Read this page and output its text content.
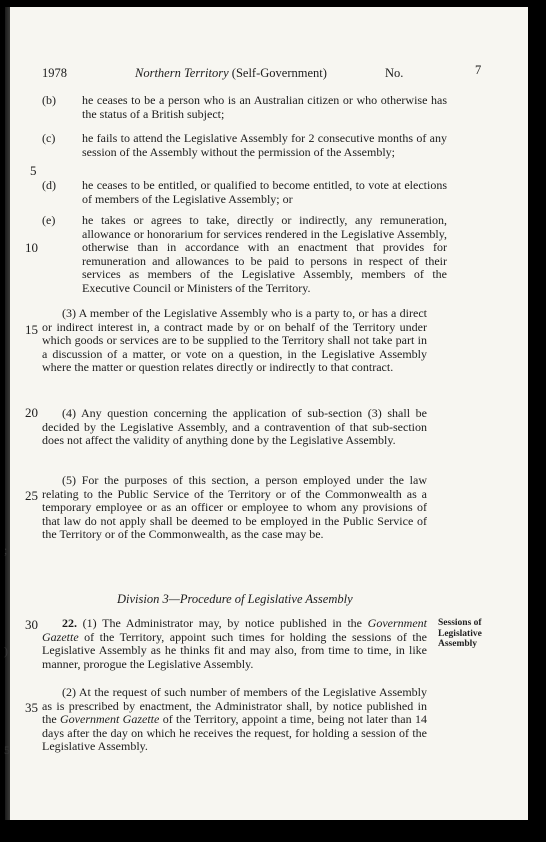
1978	Northern Territory (Self-Government)	No.	7
(b) he ceases to be a person who is an Australian citizen or who otherwise has the status of a British subject;
(c) he fails to attend the Legislative Assembly for 2 consecutive months of any session of the Assembly without the permission of the Assembly;
(d) he ceases to be entitled, or qualified to become entitled, to vote at elections of members of the Legislative Assembly; or
(e) he takes or agrees to take, directly or indirectly, any remuneration, allowance or honorarium for services rendered in the Legislative Assembly, otherwise than in accordance with an enactment that provides for remuneration and allowances to be paid to persons in respect of their services as members of the Legislative Assembly, members of the Executive Council or Ministers of the Territory.
(3) A member of the Legislative Assembly who is a party to, or has a direct or indirect interest in, a contract made by or on behalf of the Territory under which goods or services are to be supplied to the Territory shall not take part in a discussion of a matter, or vote on a question, in the Legislative Assembly where the matter or question relates directly or indirectly to that contract.
(4) Any question concerning the application of sub-section (3) shall be decided by the Legislative Assembly, and a contravention of that sub-section does not affect the validity of anything done by the Legislative Assembly.
(5) For the purposes of this section, a person employed under the law relating to the Public Service of the Territory or of the Commonwealth as a temporary employee or as an officer or employee to whom any provisions of that law do not apply shall be deemed to be employed in the Public Service of the Territory or of the Commonwealth, as the case may be.
Division 3—Procedure of Legislative Assembly
22. (1) The Administrator may, by notice published in the Government Gazette of the Territory, appoint such times for holding the sessions of the Legislative Assembly as he thinks fit and may also, from time to time, in like manner, prorogue the Legislative Assembly.
(2) At the request of such number of members of the Legislative Assembly as is prescribed by enactment, the Administrator shall, by notice published in the Government Gazette of the Territory, appoint a time, being not later than 14 days after the day on which he receives the request, for holding a session of the Legislative Assembly.
Sessions of Legislative Assembly
5
10
15
20
25
30
35
;
)
5
